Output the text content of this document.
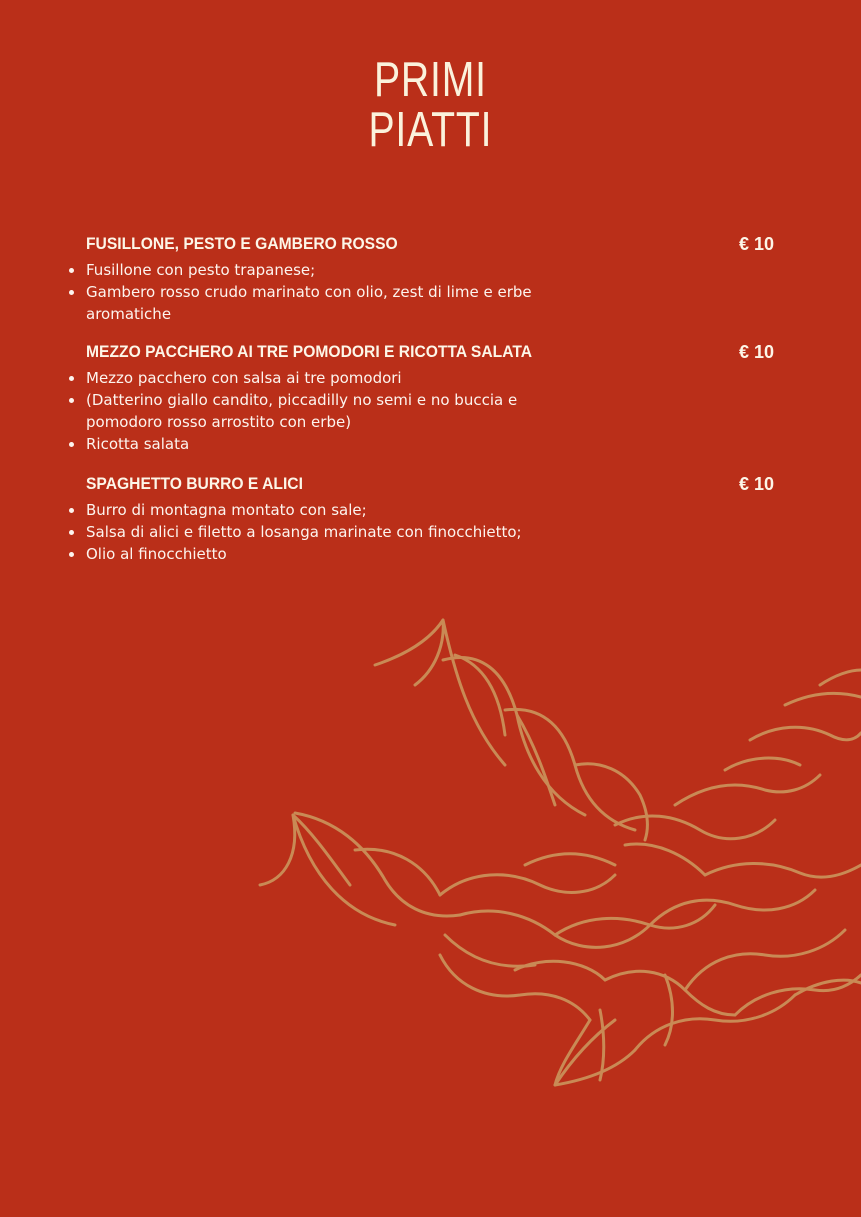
PRIMI
PIATTI
FUSILLONE, PESTO E GAMBERO ROSSO	€ 10
Fusillone con pesto trapanese;
Gambero rosso crudo marinato con olio, zest di lime e erbe aromatiche
MEZZO PACCHERO AI TRE POMODORI E RICOTTA SALATA	€ 10
Mezzo pacchero con salsa ai tre pomodori
(Datterino giallo candito, piccadilly no semi e no buccia e pomodoro rosso arrostito con erbe)
Ricotta salata
SPAGHETTO BURRO E ALICI	€ 10
Burro di montagna montato con sale;
Salsa di alici e filetto a losanga marinate con finocchietto;
Olio al finocchietto
